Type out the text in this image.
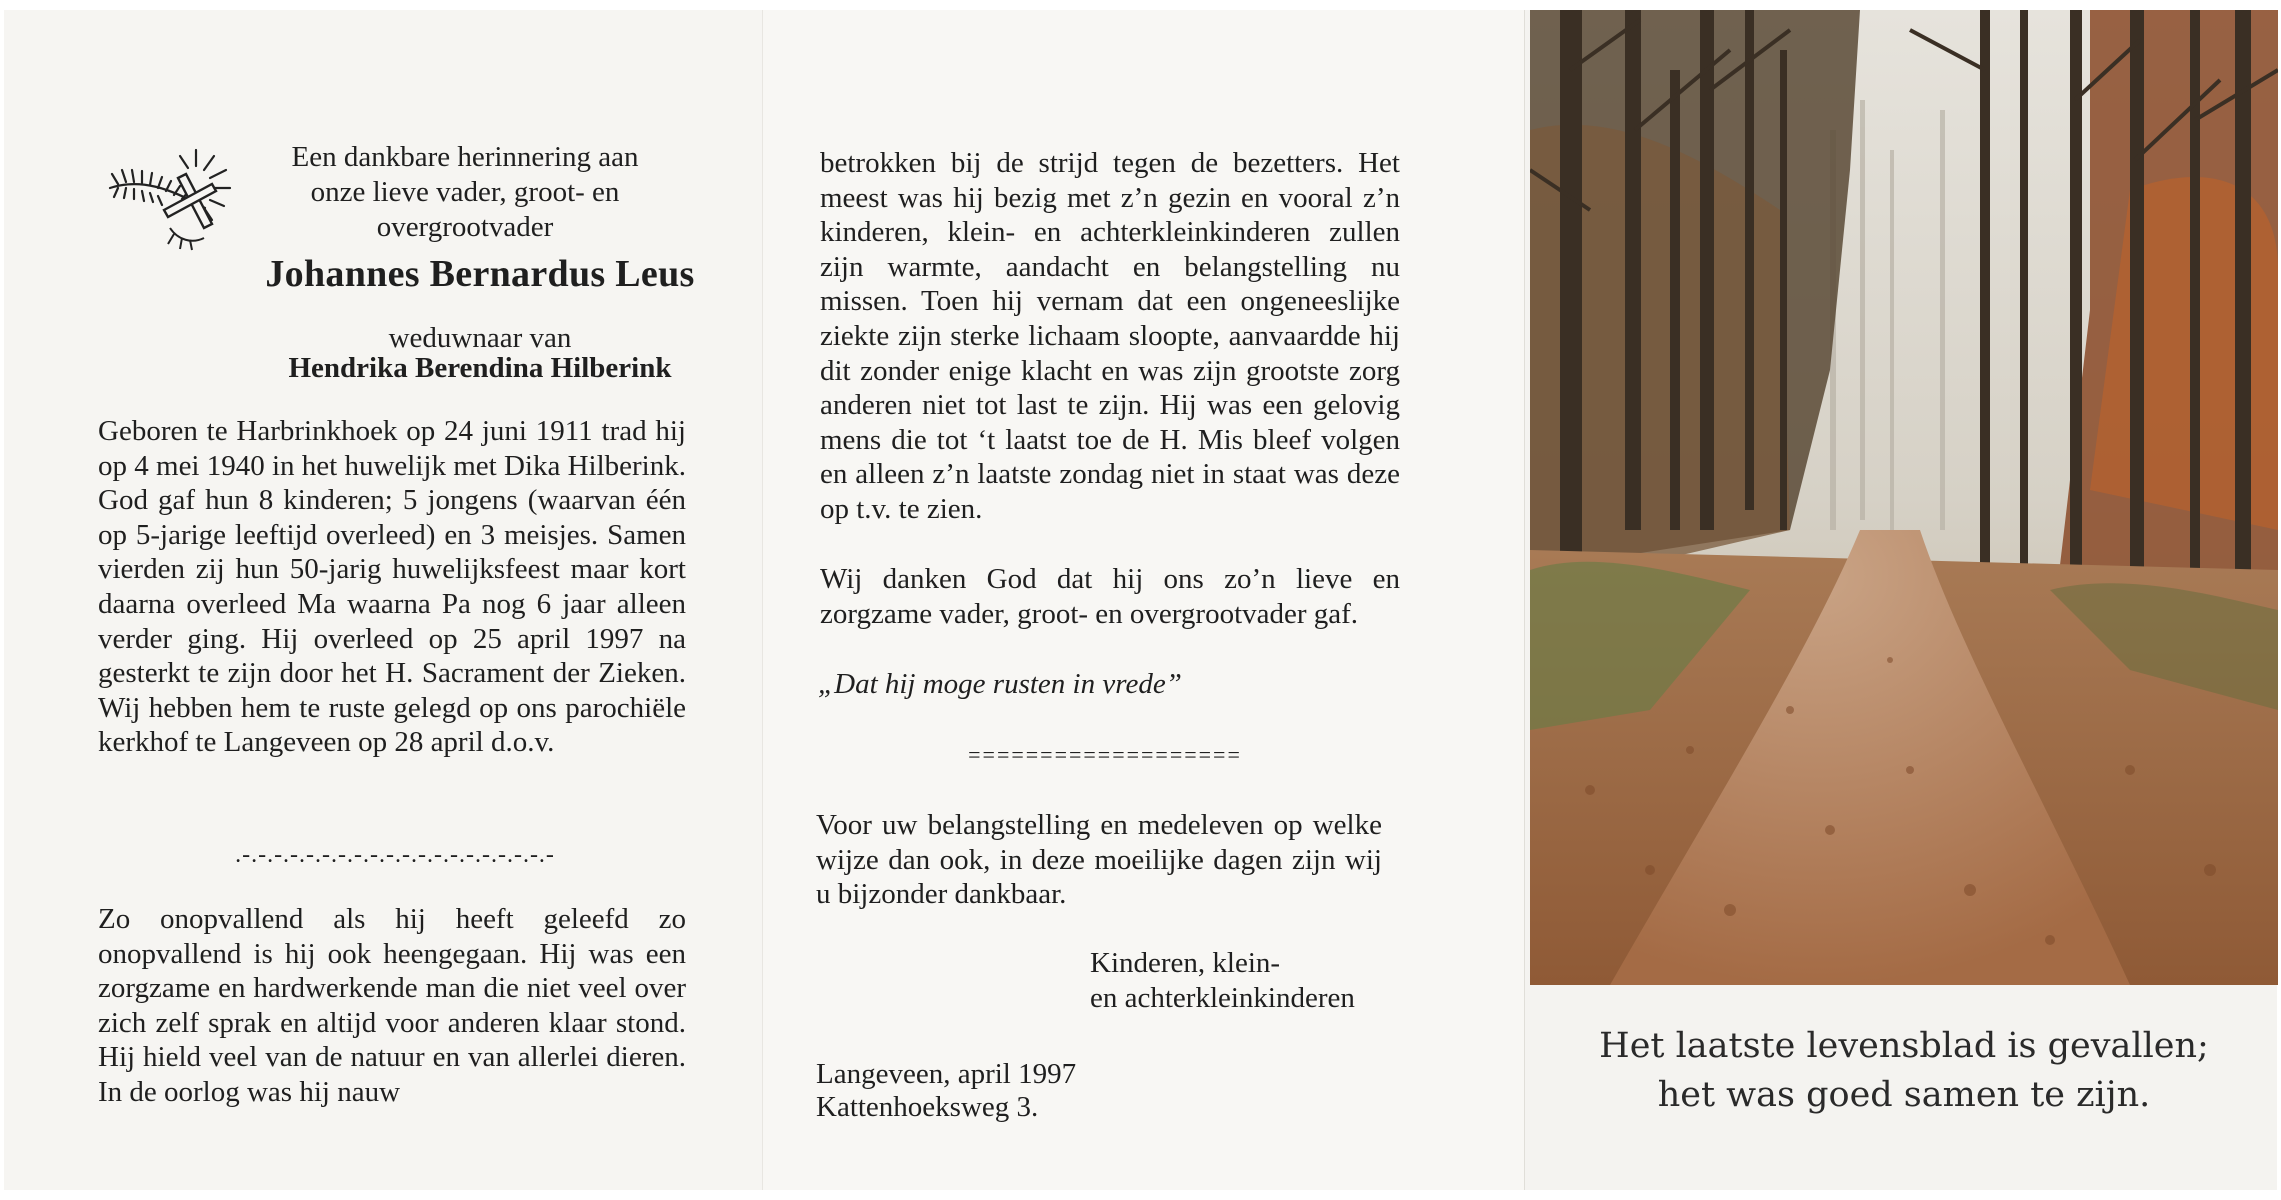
Een dankbare herinnering aan
onze lieve vader, groot- en
overgrootvader
Johannes Bernardus Leus
weduwnaar van
Hendrika Berendina Hilberink

Geboren te Harbrinkhoek op 24 juni 1911 trad hij op 4 mei 1940 in het huwelijk met Dika Hilberink. God gaf hun 8 kinderen; 5 jongens (waarvan één op 5-jarige leeftijd overleed) en 3 meisjes. Samen vierden zij hun 50-jarig huwelijksfeest maar kort daarna overleed Ma waarna Pa nog 6 jaar alleen verder ging. Hij overleed op 25 april 1997 na gesterkt te zijn door het H. Sacrament der Zieken. Wij hebben hem te ruste gelegd op ons parochiële kerkhof te Langeveen op 28 april d.o.v.

.-.-.-.-.-.-.-.-.-.-.-.-.-.-.-.-.-.-.-.-

Zo onopvallend als hij heeft geleefd zo onopvallend is hij ook heengegaan. Hij was een zorgzame en hardwerkende man die niet veel over zich zelf sprak en altijd voor anderen klaar stond. Hij hield veel van de natuur en van allerlei dieren. In de oorlog was hij nauw

betrokken bij de strijd tegen de bezetters. Het meest was hij bezig met z’n gezin en vooral z’n kinderen, klein- en achterkleinkinderen zullen zijn warmte, aandacht en belangstelling nu missen. Toen hij vernam dat een ongeneeslijke ziekte zijn sterke lichaam sloopte, aanvaardde hij dit zonder enige klacht en was zijn grootste zorg anderen niet tot last te zijn. Hij was een gelovig mens die tot ‘t laatst toe de H. Mis bleef volgen en alleen z’n laatste zondag niet in staat was deze op t.v. te zien.

Wij danken God dat hij ons zo’n lieve en zorgzame vader, groot- en overgrootvader gaf.

„Dat hij moge rusten in vrede”
===================

Voor uw belangstelling en medeleven op welke wijze dan ook, in deze moeilijke dagen zijn wij u bijzonder dankbaar.

Kinderen, klein-
en achterkleinkinderen
Langeveen, april 1997
Kattenhoeksweg 3.
Het laatste levensblad is gevallen;
het was goed samen te zijn.
